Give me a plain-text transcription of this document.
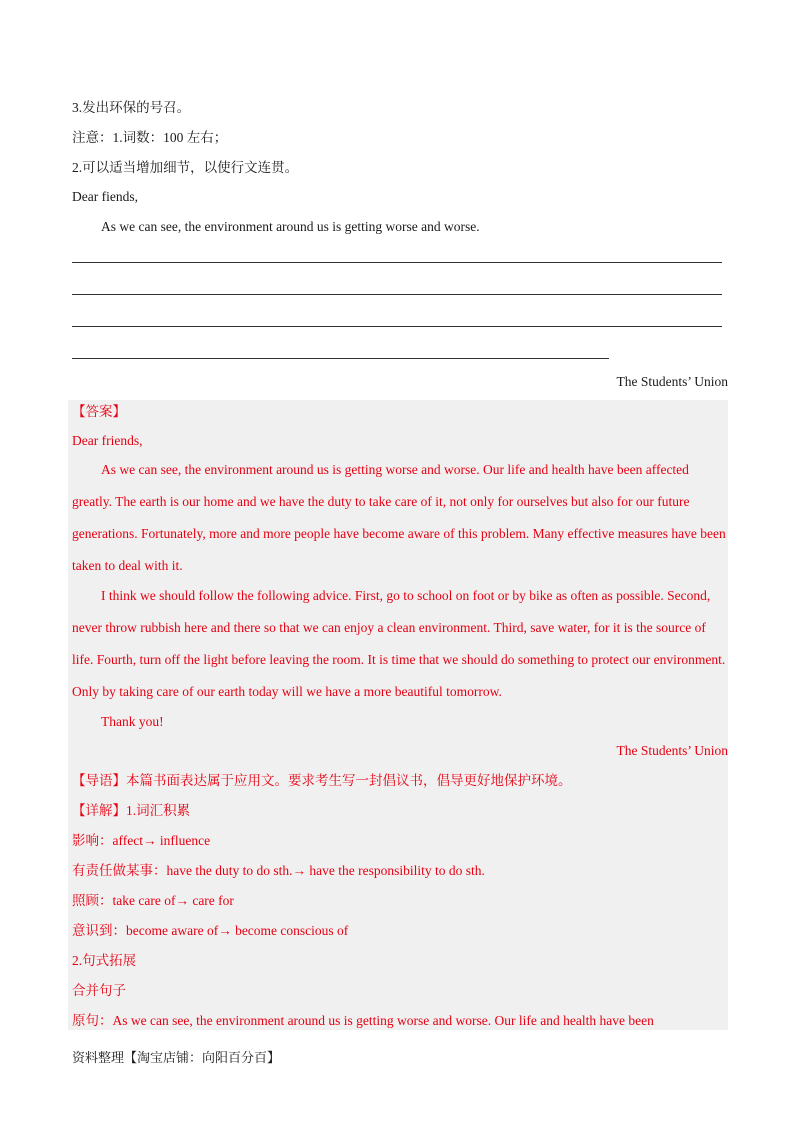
3.发出环保的号召。
注意：1.词数：100 左右；
2.可以适当增加细节，以使行文连贯。
Dear fiends,
As we can see, the environment around us is getting worse and worse.
The Students’ Union
【答案】
Dear friends,
As we can see, the environment around us is getting worse and worse. Our life and health have been affected greatly. The earth is our home and we have the duty to take care of it, not only for ourselves but also for our future generations. Fortunately, more and more people have become aware of this problem. Many effective measures have been taken to deal with it.
I think we should follow the following advice. First, go to school on foot or by bike as often as possible. Second, never throw rubbish here and there so that we can enjoy a clean environment. Third, save water, for it is the source of life. Fourth, turn off the light before leaving the room. It is time that we should do something to protect our environment. Only by taking care of our earth today will we have a more beautiful tomorrow.
Thank you!
The Students’ Union
【导语】本篇书面表达属于应用文。要求考生写一封倡议书，倡导更好地保护环境。
【详解】1.词汇积累
影响：affect→ influence
有责任做某事：have the duty to do sth.→ have the responsibility to do sth.
照顾：take care of→ care for
意识到：become aware of→ become conscious of
2.句式拓展
合并句子
原句：As we can see, the environment around us is getting worse and worse. Our life and health have been
资料整理【淘宝店铺：向阳百分百】
